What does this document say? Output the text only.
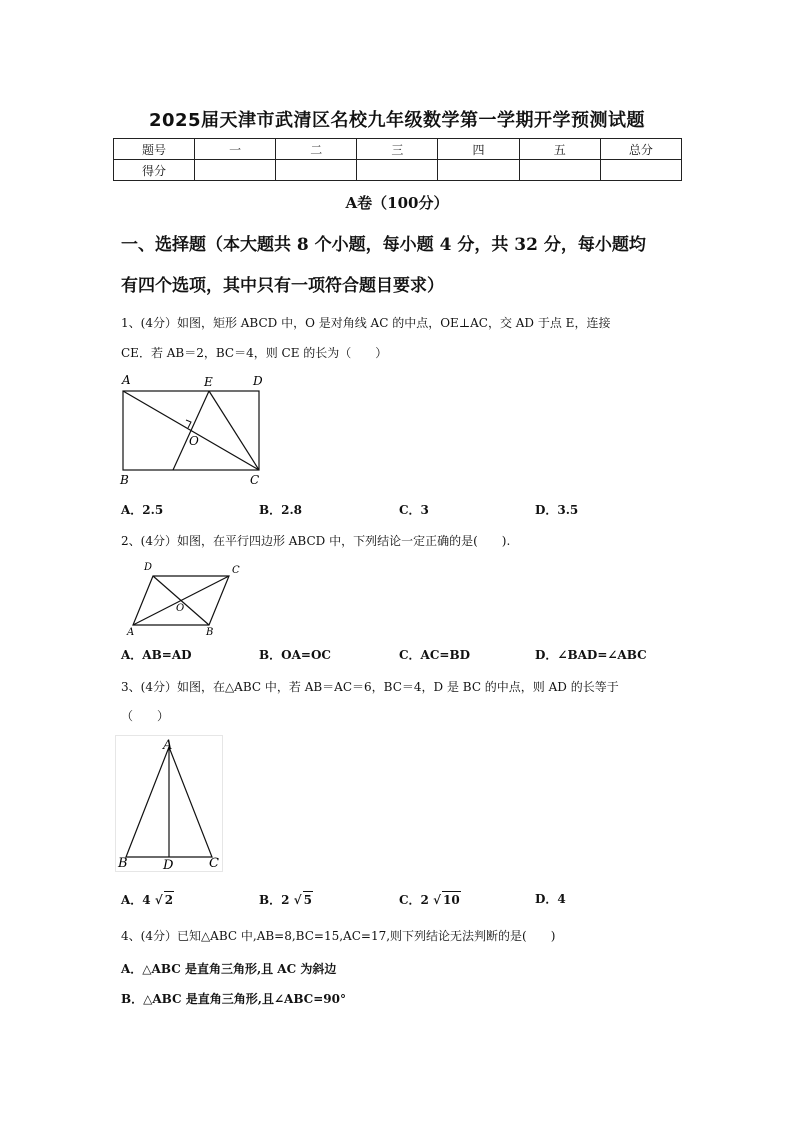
2025届天津市武清区名校九年级数学第一学期开学预测试题
题号	一	二	三	四	五	总分
得分						
A卷（100分）
一、选择题（本大题共 8 个小题，每小题 4 分，共 32 分，每小题均
有四个选项，其中只有一项符合题目要求）
1、(4分）如图，矩形 ABCD 中，O 是对角线 AC 的中点，OE⊥AC，交 AD 于点 E，连接
CE．若 AB＝2，BC＝4，则 CE 的长为（　　）
A	E	D
O
B	C
A．2.5	B．2.8	C．3	D．3.5
2、(4分）如图，在平行四边形 ABCD 中，下列结论一定正确的是(　　).
D	C
O
A	B
A．AB=AD	B．OA=OC	C．AC=BD	D．∠BAD=∠ABC
3、(4分）如图，在△ABC 中，若 AB＝AC＝6，BC＝4，D 是 BC 的中点，则 AD 的长等于
（　　）
A
B	D	C
A．4 √ 2	B．2 √ 5	C．2 √ 10	D．4
4、(4分）已知△ABC 中,AB=8,BC=15,AC=17,则下列结论无法判断的是(　　)
A．△ABC 是直角三角形,且 AC 为斜边
B．△ABC 是直角三角形,且∠ABC=90°
